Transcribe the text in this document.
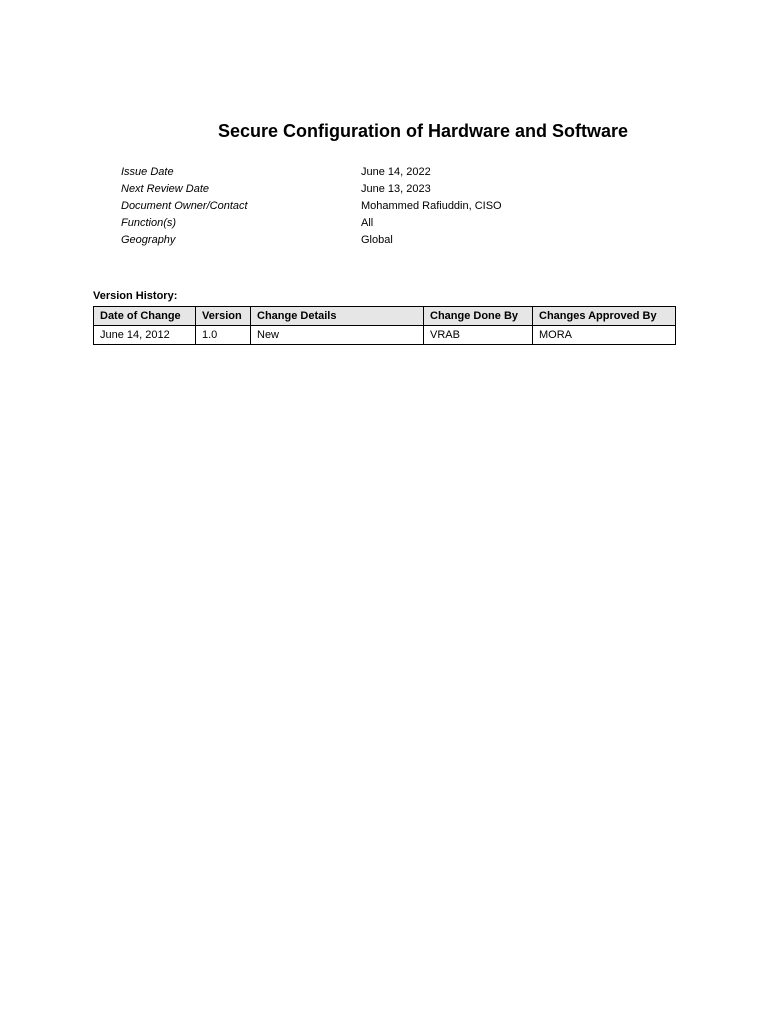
Secure Configuration of Hardware and Software
Issue Date	June 14, 2022
Next Review Date	June 13, 2023
Document Owner/Contact	Mohammed Rafiuddin, CISO
Function(s)	All
Geography	Global
Version History:
Date of Change	Version	Change Details	Change Done By	Changes Approved By
June 14, 2012	1.0	New	VRAB	MORA
